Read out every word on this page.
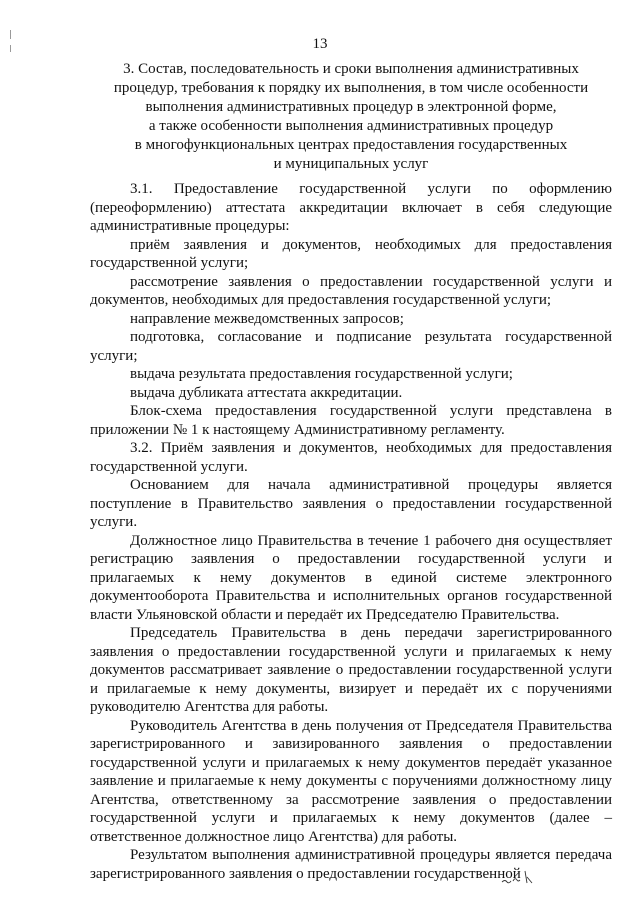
13
3. Состав, последовательность и сроки выполнения административных
процедур, требования к порядку их выполнения, в том числе особенности
выполнения административных процедур в электронной форме,
а также особенности выполнения административных процедур
в многофункциональных центрах предоставления государственных
и муниципальных услуг

3.1. Предоставление государственной услуги по оформлению (переоформлению) аттестата аккредитации включает в себя следующие административные процедуры:

приём заявления и документов, необходимых для предоставления государственной услуги;

рассмотрение заявления о предоставлении государственной услуги и документов, необходимых для предоставления государственной услуги;

направление межведомственных запросов;

подготовка, согласование и подписание результата государственной услуги;

выдача результата предоставления государственной услуги;

выдача дубликата аттестата аккредитации.

Блок-схема предоставления государственной услуги представлена в приложении № 1 к настоящему Административному регламенту.

3.2. Приём заявления и документов, необходимых для предоставления государственной услуги.

Основанием для начала административной процедуры является поступление в Правительство заявления о предоставлении государственной услуги.

Должностное лицо Правительства в течение 1 рабочего дня осуществляет регистрацию заявления о предоставлении государственной услуги и прилагаемых к нему документов в единой системе электронного документооборота Правительства и исполнительных органов государственной власти Ульяновской области и передаёт их Председателю Правительства.

Председатель Правительства в день передачи зарегистрированного заявления о предоставлении государственной услуги и прилагаемых к нему документов рассматривает заявление о предоставлении государственной услуги и прилагаемые к нему документы, визирует и передаёт их с поручениями руководителю Агентства для работы.

Руководитель Агентства в день получения от Председателя Правительства зарегистрированного и завизированного заявления о предоставлении государственной услуги и прилагаемых к нему документов передаёт указанное заявление и прилагаемые к нему документы с поручениями должностному лицу Агентства, ответственному за рассмотрение заявления о предоставлении государственной услуги и прилагаемых к нему документов (далее – ответственное должностное лицо Агентства) для работы.

Результатом выполнения административной процедуры является передача зарегистрированного заявления о предоставлении государственной
